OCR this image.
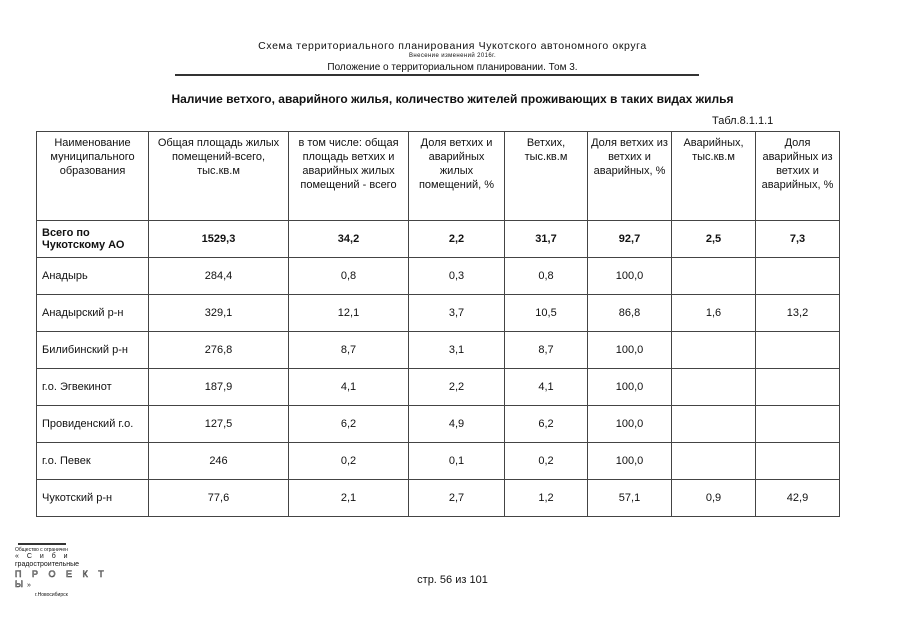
Схема территориального планирования Чукотского автономного округа
Внесение изменений 2016г.
Положение о территориальном планировании. Том 3.
Наличие ветхого, аварийного жилья, количество жителей проживающих в таких видах жилья
Табл.8.1.1.1
Наименование муниципального образования	Общая площадь жилых помещений-всего, тыс.кв.м	в том числе: общая площадь ветхих и аварийных жилых помещений - всего	Доля ветхих и аварийных жилых помещений, %	Ветхих, тыс.кв.м	Доля ветхих из ветхих и аварийных, %	Аварийных, тыс.кв.м	Доля аварийных из ветхих и аварийных, %
Всего по Чукотскому АО	1529,3	34,2	2,2	31,7	92,7	2,5	7,3
Анадырь	284,4	0,8	0,3	0,8	100,0		
Анадырский р-н	329,1	12,1	3,7	10,5	86,8	1,6	13,2
Билибинский р-н	276,8	8,7	3,1	8,7	100,0		
г.о. Эгвекинот	187,9	4,1	2,2	4,1	100,0		
Провиденский г.о.	127,5	6,2	4,9	6,2	100,0		
г.о. Певек	246	0,2	0,1	0,2	100,0		
Чукотский р-н	77,6	2,1	2,7	1,2	57,1	0,9	42,9
Общество с ограничен
« С и б и
градостроительные
П Р О Е К Т Ы»
г.Новосибирск
стр. 56 из 101
